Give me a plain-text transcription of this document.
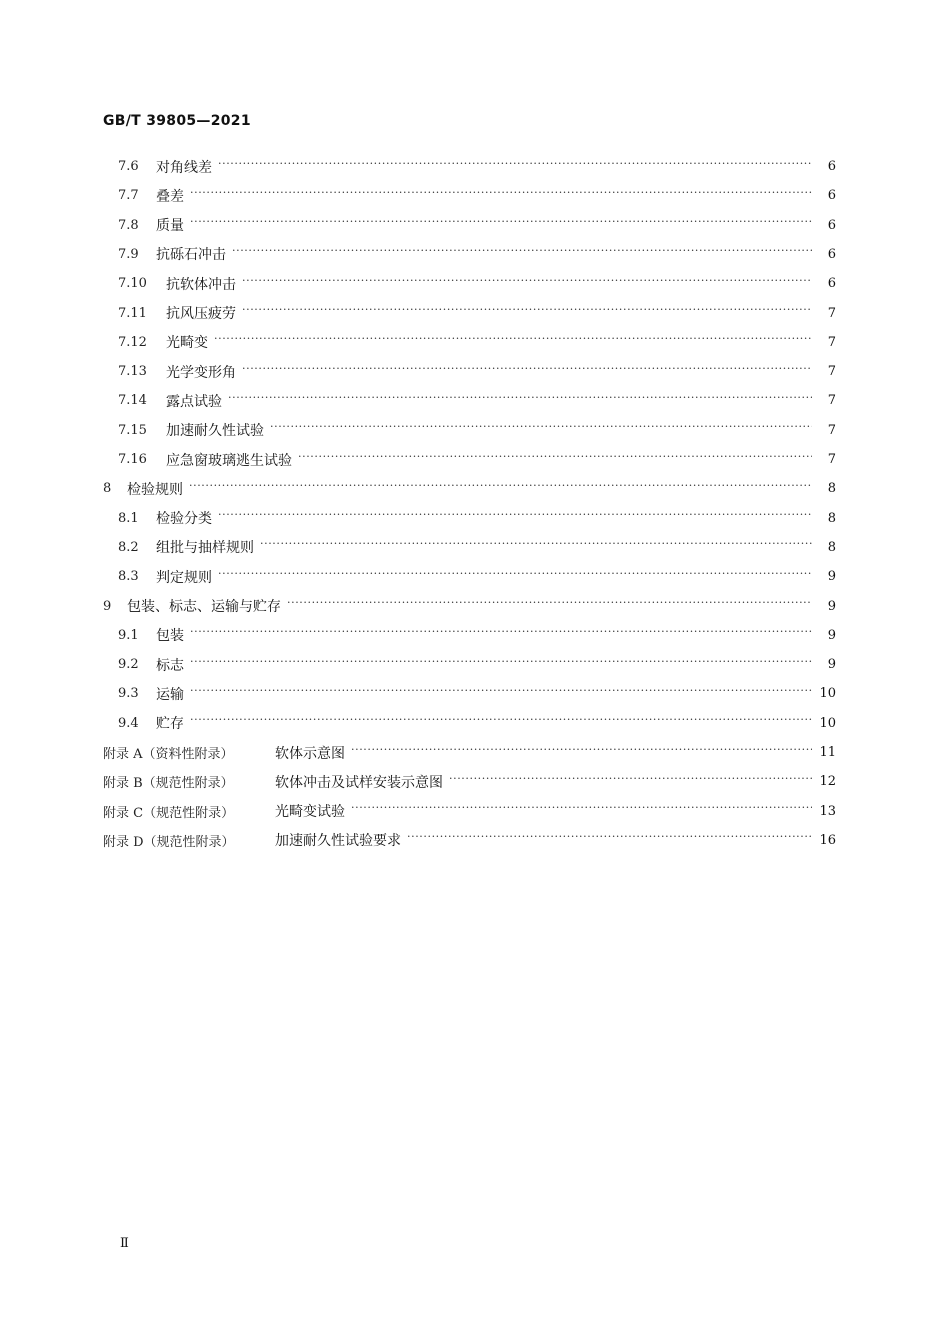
GB/T 39805—2021
7.6	对角线差 ·····	6
7.7	叠差 ·····	6
7.8	质量 ·····	6
7.9	抗砾石冲击 ·····	6
7.10	抗软体冲击 ·····	6
7.11	抗风压疲劳 ·····	7
7.12	光畸变 ·····	7
7.13	光学变形角 ·····	7
7.14	露点试验 ·····	7
7.15	加速耐久性试验 ·····	7
7.16	应急窗玻璃逃生试验 ·····	7
8	检验规则 ·····	8
8.1	检验分类 ·····	8
8.2	组批与抽样规则 ·····	8
8.3	判定规则 ·····	9
9	包装、标志、运输与贮存 ·····	9
9.1	包装 ·····	9
9.2	标志 ·····	9
9.3	运输 ·····	10
9.4	贮存 ·····	10
附录 A（资料性附录）	软体示意图 ·····	11
附录 B（规范性附录）	软体冲击及试样安装示意图 ·····	12
附录 C（规范性附录）	光畸变试验 ·····	13
附录 D（规范性附录）	加速耐久性试验要求 ·····	16
Ⅱ
